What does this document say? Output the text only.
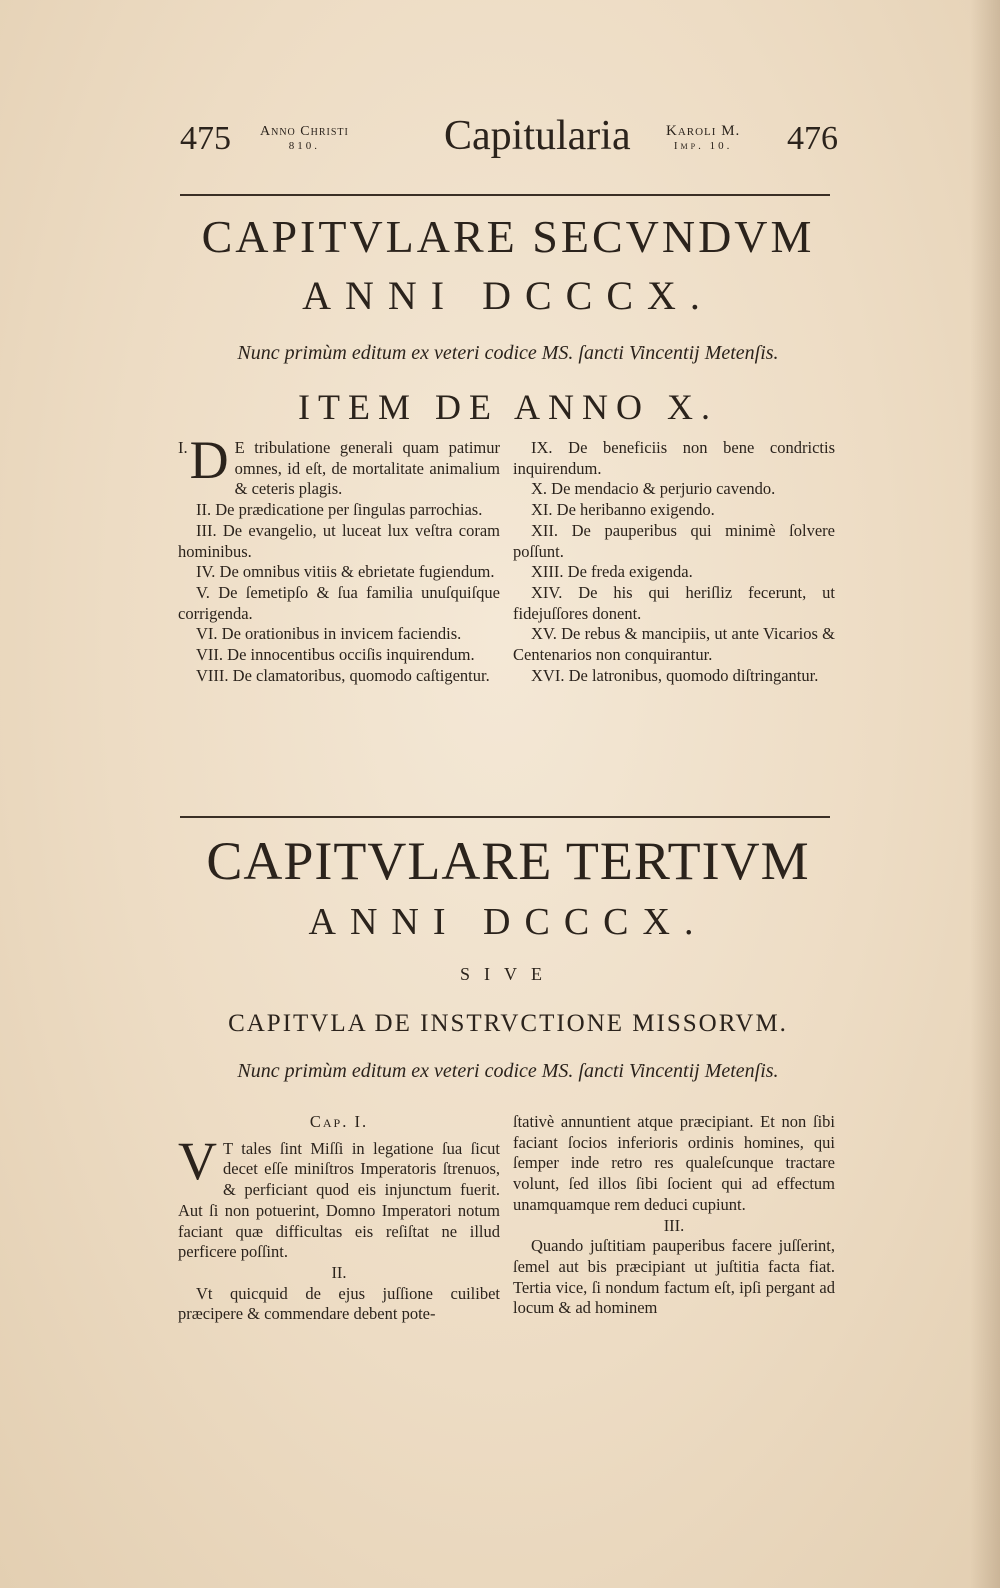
475 Anno Christi
810.	Capitularia Karoli M.
Imp. 10. 476
CAPITVLARE SECVNDVM
ANNI DCCCX.
Nunc primùm editum ex veteri codice MS. ſancti Vincentij Metenſis.
ITEM DE ANNO X.

I. D E tribulatione generali quam patimur omnes, id eſt, de mortalitate animalium & ceteris plagis.

II. De prædicatione per ſingulas parrochias.

III. De evangelio, ut luceat lux veſtra coram hominibus.

IV. De omnibus vitiis & ebrietate fugiendum.

V. De ſemetipſo & ſua familia unuſquiſque corrigenda.

VI. De orationibus in invicem faciendis.

VII. De innocentibus occiſis inquirendum.

VIII. De clamatoribus, quomodo caſtigentur.

IX. De beneficiis non bene condrictis inquirendum.

X. De mendacio & perjurio cavendo.

XI. De heribanno exigendo.

XII. De pauperibus qui minimè ſolvere poſſunt.

XIII. De freda exigenda.

XIV. De his qui heriſliz fecerunt, ut fidejuſſores donent.

XV. De rebus & mancipiis, ut ante Vicarios & Centenarios non conquirantur.

XVI. De latronibus, quomodo diſtringantur.

CAPITVLARE TERTIVM
ANNI DCCCX.
SIVE
CAPITVLA DE INSTRVCTIONE MISSORVM.
Nunc primùm editum ex veteri codice MS. ſancti Vincentij Metenſis.

Cap. I.

V T tales ſint Miſſi in legatione ſua ſicut decet eſſe miniſtros Imperatoris ſtrenuos, & perficiant quod eis injunctum fuerit. Aut ſi non potuerint, Domno Imperatori notum faciant quæ difficultas eis reſiſtat ne illud perficere poſſint.

II.

Vt quicquid de ejus juſſione cuilibet præcipere & commendare debent pote-

ſtativè annuntient atque præcipiant. Et non ſibi faciant ſocios inferioris ordinis homines, qui ſemper inde retro res qualeſcunque tractare volunt, ſed illos ſibi ſocient qui ad effectum unamquamque rem deduci cupiunt.

III.

Quando juſtitiam pauperibus facere juſſerint, ſemel aut bis præcipiant ut juſtitia facta fiat. Tertia vice, ſi nondum factum eſt, ipſi pergant ad locum & ad hominem
